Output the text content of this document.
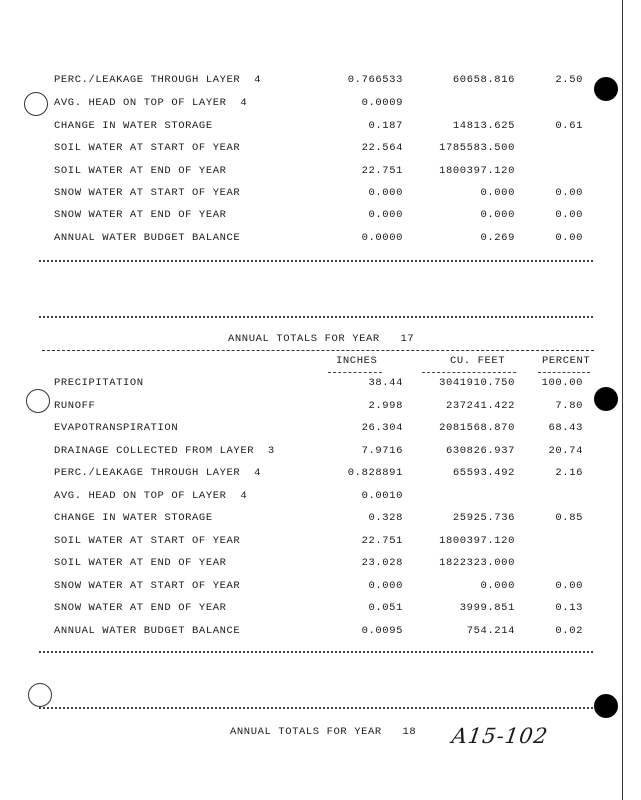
PERC./LEAKAGE THROUGH LAYER  4	0.766533	60658.816	2.50
AVG. HEAD ON TOP OF LAYER  4	0.0009
CHANGE IN WATER STORAGE	0.187	14813.625	0.61
SOIL WATER AT START OF YEAR	22.564	1785583.500
SOIL WATER AT END OF YEAR	22.751	1800397.120
SNOW WATER AT START OF YEAR	0.000	0.000	0.00
SNOW WATER AT END OF YEAR	0.000	0.000	0.00
ANNUAL WATER BUDGET BALANCE	0.0000	0.269	0.00
ANNUAL TOTALS FOR YEAR   17
INCHES	CU. FEET	PERCENT
PRECIPITATION	38.44	3041910.750	100.00
RUNOFF	2.998	237241.422	7.80
EVAPOTRANSPIRATION	26.304	2081568.870	68.43
DRAINAGE COLLECTED FROM LAYER  3	7.9716	630826.937	20.74
PERC./LEAKAGE THROUGH LAYER  4	0.828891	65593.492	2.16
AVG. HEAD ON TOP OF LAYER  4	0.0010
CHANGE IN WATER STORAGE	0.328	25925.736	0.85
SOIL WATER AT START OF YEAR	22.751	1800397.120
SOIL WATER AT END OF YEAR	23.028	1822323.000
SNOW WATER AT START OF YEAR	0.000	0.000	0.00
SNOW WATER AT END OF YEAR	0.051	3999.851	0.13
ANNUAL WATER BUDGET BALANCE	0.0095	754.214	0.02
ANNUAL TOTALS FOR YEAR   18 A15-102
